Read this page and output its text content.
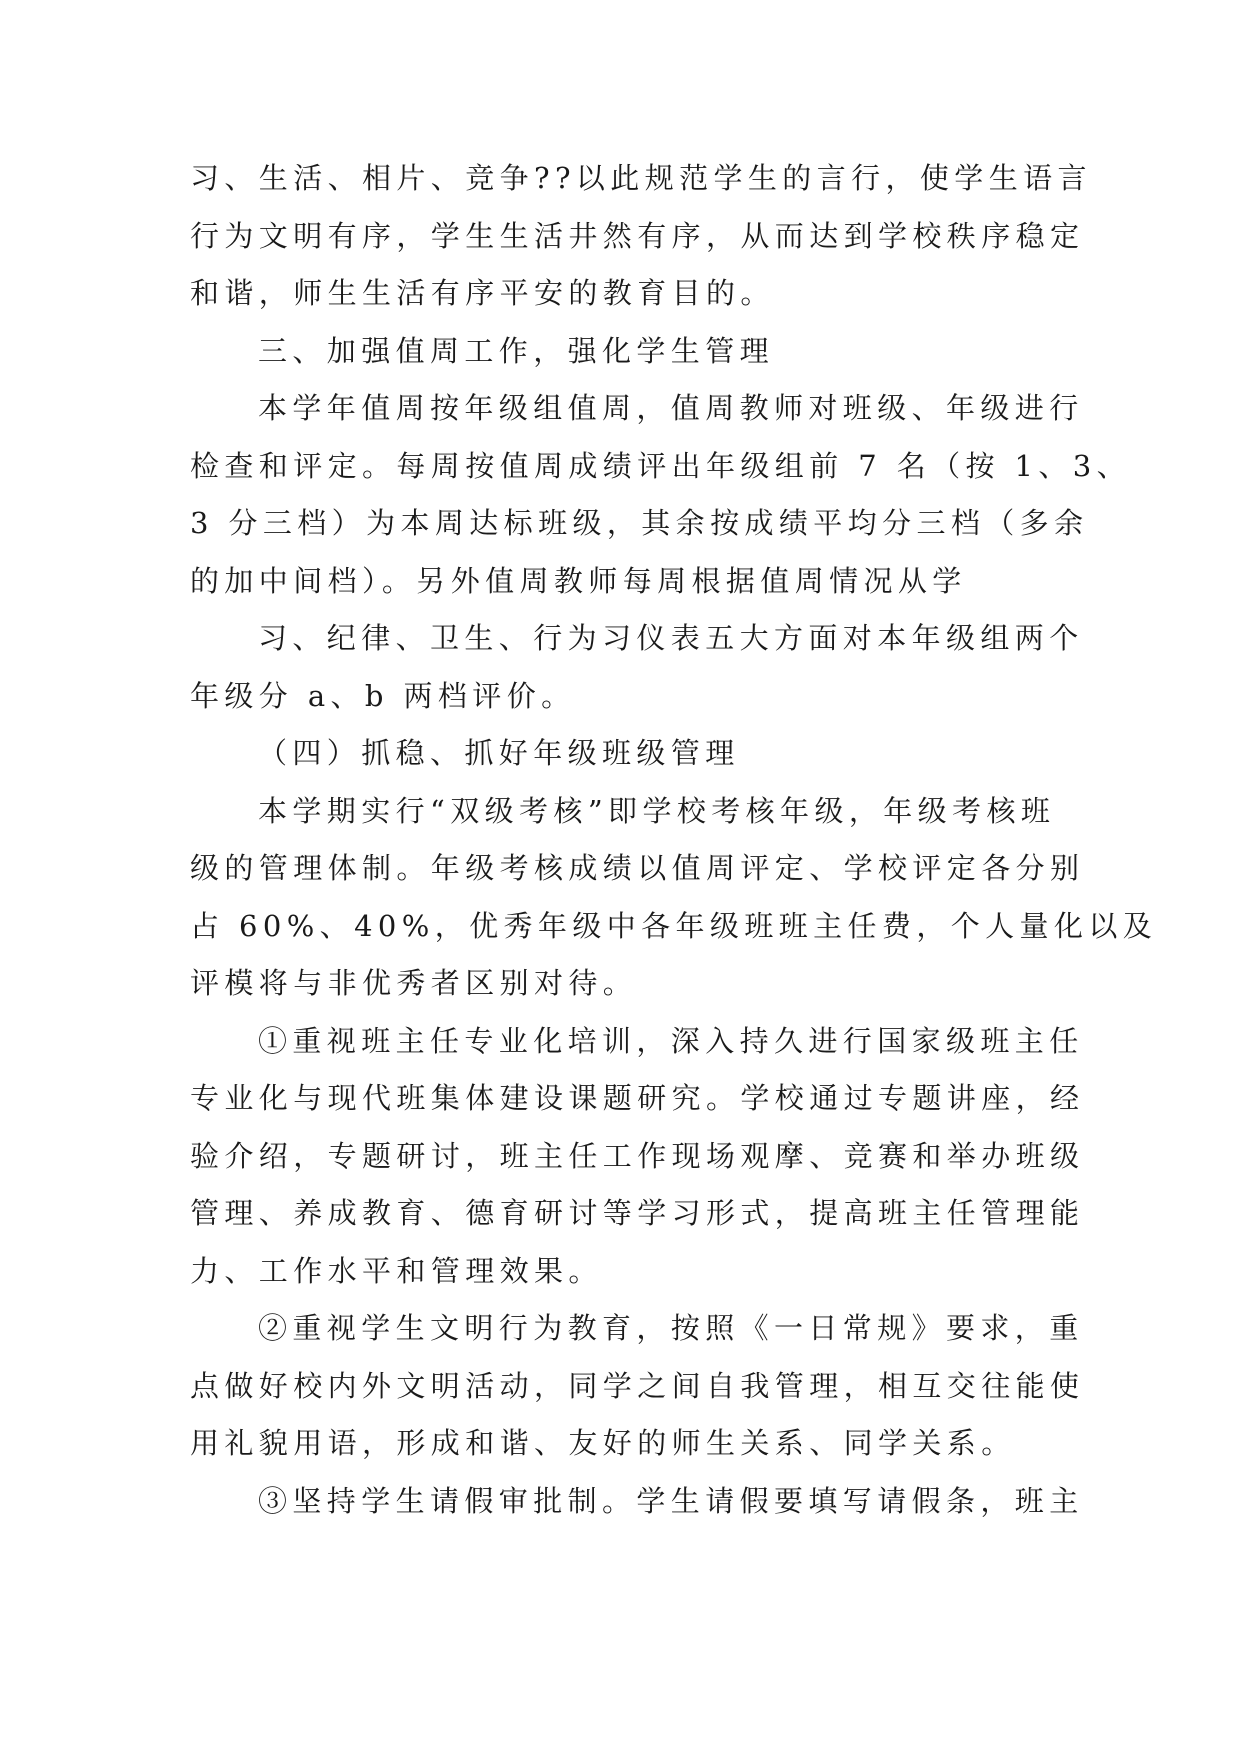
习、生活、相片、竞争??以此规范学生的言行，使学生语言
行为文明有序，学生生活井然有序，从而达到学校秩序稳定
和谐，师生生活有序平安的教育目的。
三、加强值周工作，强化学生管理
本学年值周按年级组值周，值周教师对班级、年级进行
检查和评定。每周按值周成绩评出年级组前 7 名（按 1、3、
3 分三档）为本周达标班级，其余按成绩平均分三档（多余
的加中间档）。另外值周教师每周根据值周情况从学
习、纪律、卫生、行为习仪表五大方面对本年级组两个
年级分 a、b 两档评价。
（四）抓稳、抓好年级班级管理
本学期实行“双级考核”即学校考核年级，年级考核班
级的管理体制。年级考核成绩以值周评定、学校评定各分别
占 60%、40%，优秀年级中各年级班班主任费，个人量化以及
评模将与非优秀者区别对待。
①重视班主任专业化培训，深入持久进行国家级班主任
专业化与现代班集体建设课题研究。学校通过专题讲座，经
验介绍，专题研讨，班主任工作现场观摩、竞赛和举办班级
管理、养成教育、德育研讨等学习形式，提高班主任管理能
力、工作水平和管理效果。
②重视学生文明行为教育，按照《一日常规》要求，重
点做好校内外文明活动，同学之间自我管理，相互交往能使
用礼貌用语，形成和谐、友好的师生关系、同学关系。
③坚持学生请假审批制。学生请假要填写请假条，班主
